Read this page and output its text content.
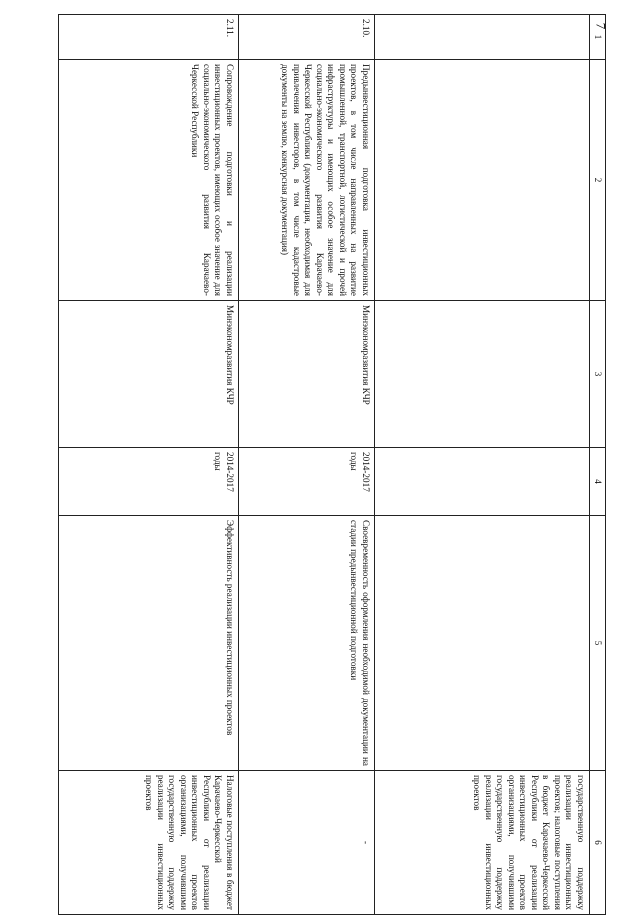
7
1	2	3	4	5	6
					государственную поддержку реализации инвестиционных проектов; налоговые поступления в бюджет Карачаево-Черкесской Республики от реализации инвестиционных проектов организациями, получившими государственную поддержку реализации инвестиционных проектов
2.10.	Предынвестиционная подготовка инвестиционных проектов, в том числе направленных на развитие промышленной, транспортной, логистической и прочей инфраструктуры и имеющих особое значение для социально-экономического развития Карачаево-Черкесской Республики (документация, необходимая для привлечения инвесторов, в том числе кадастровые документы на землю, конкурсная документация)	Минэкономразвития КЧР	2014-2017 годы	Своевременность оформления необходимой документации на стадии предынвестиционной подготовки	-
2.11.	Сопровождение подготовки и реализации инвестиционных проектов, имеющих особое значение для социально-экономического развития Карачаево-Черкесской Республики	Минэкономразвития КЧР	2014-2017 годы	Эффективность реализации инвестиционных проектов	Налоговые поступления в бюджет Карачаево-Черкесской Республики от реализации инвестиционных проектов организациями, получившими государственную поддержку реализации инвестиционных проектов
